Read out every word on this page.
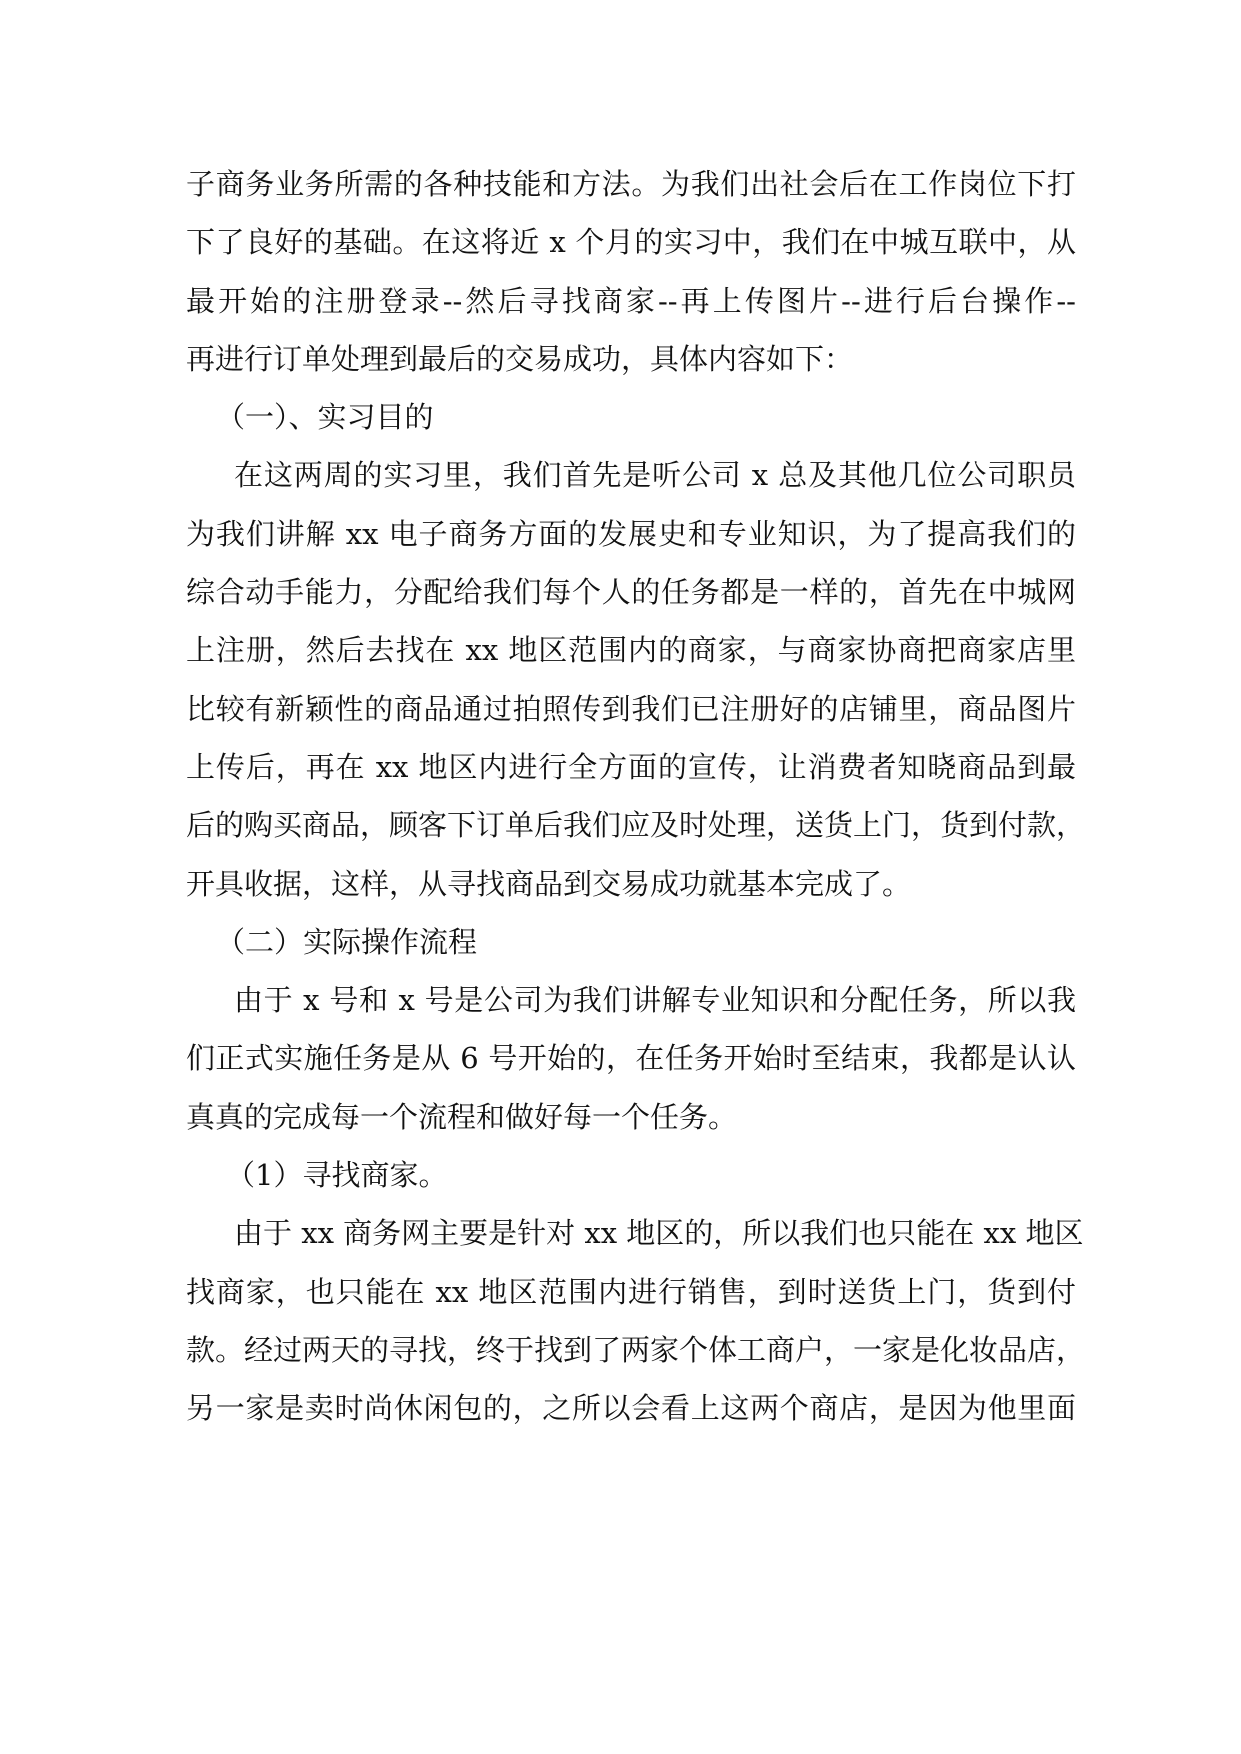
子商务业务所需的各种技能和方法。为我们出社会后在工作岗位下打
下了良好的基础。在这将近 x 个月的实习中，我们在中城互联中，从
最开始的注册登录--然后寻找商家--再上传图片--进行后台操作--
再进行订单处理到最后的交易成功，具体内容如下：
（一）、实习目的
在这两周的实习里，我们首先是听公司 x 总及其他几位公司职员
为我们讲解 xx 电子商务方面的发展史和专业知识，为了提高我们的
综合动手能力，分配给我们每个人的任务都是一样的，首先在中城网
上注册，然后去找在 xx 地区范围内的商家，与商家协商把商家店里
比较有新颖性的商品通过拍照传到我们已注册好的店铺里，商品图片
上传后，再在 xx 地区内进行全方面的宣传，让消费者知晓商品到最
后的购买商品，顾客下订单后我们应及时处理，送货上门，货到付款，
开具收据，这样，从寻找商品到交易成功就基本完成了。
（二）实际操作流程
由于 x 号和 x 号是公司为我们讲解专业知识和分配任务，所以我
们正式实施任务是从 6 号开始的，在任务开始时至结束，我都是认认
真真的完成每一个流程和做好每一个任务。
（1）寻找商家。
由于 xx 商务网主要是针对 xx 地区的，所以我们也只能在 xx 地区
找商家，也只能在 xx 地区范围内进行销售，到时送货上门，货到付
款。经过两天的寻找，终于找到了两家个体工商户，一家是化妆品店，
另一家是卖时尚休闲包的，之所以会看上这两个商店，是因为他里面
